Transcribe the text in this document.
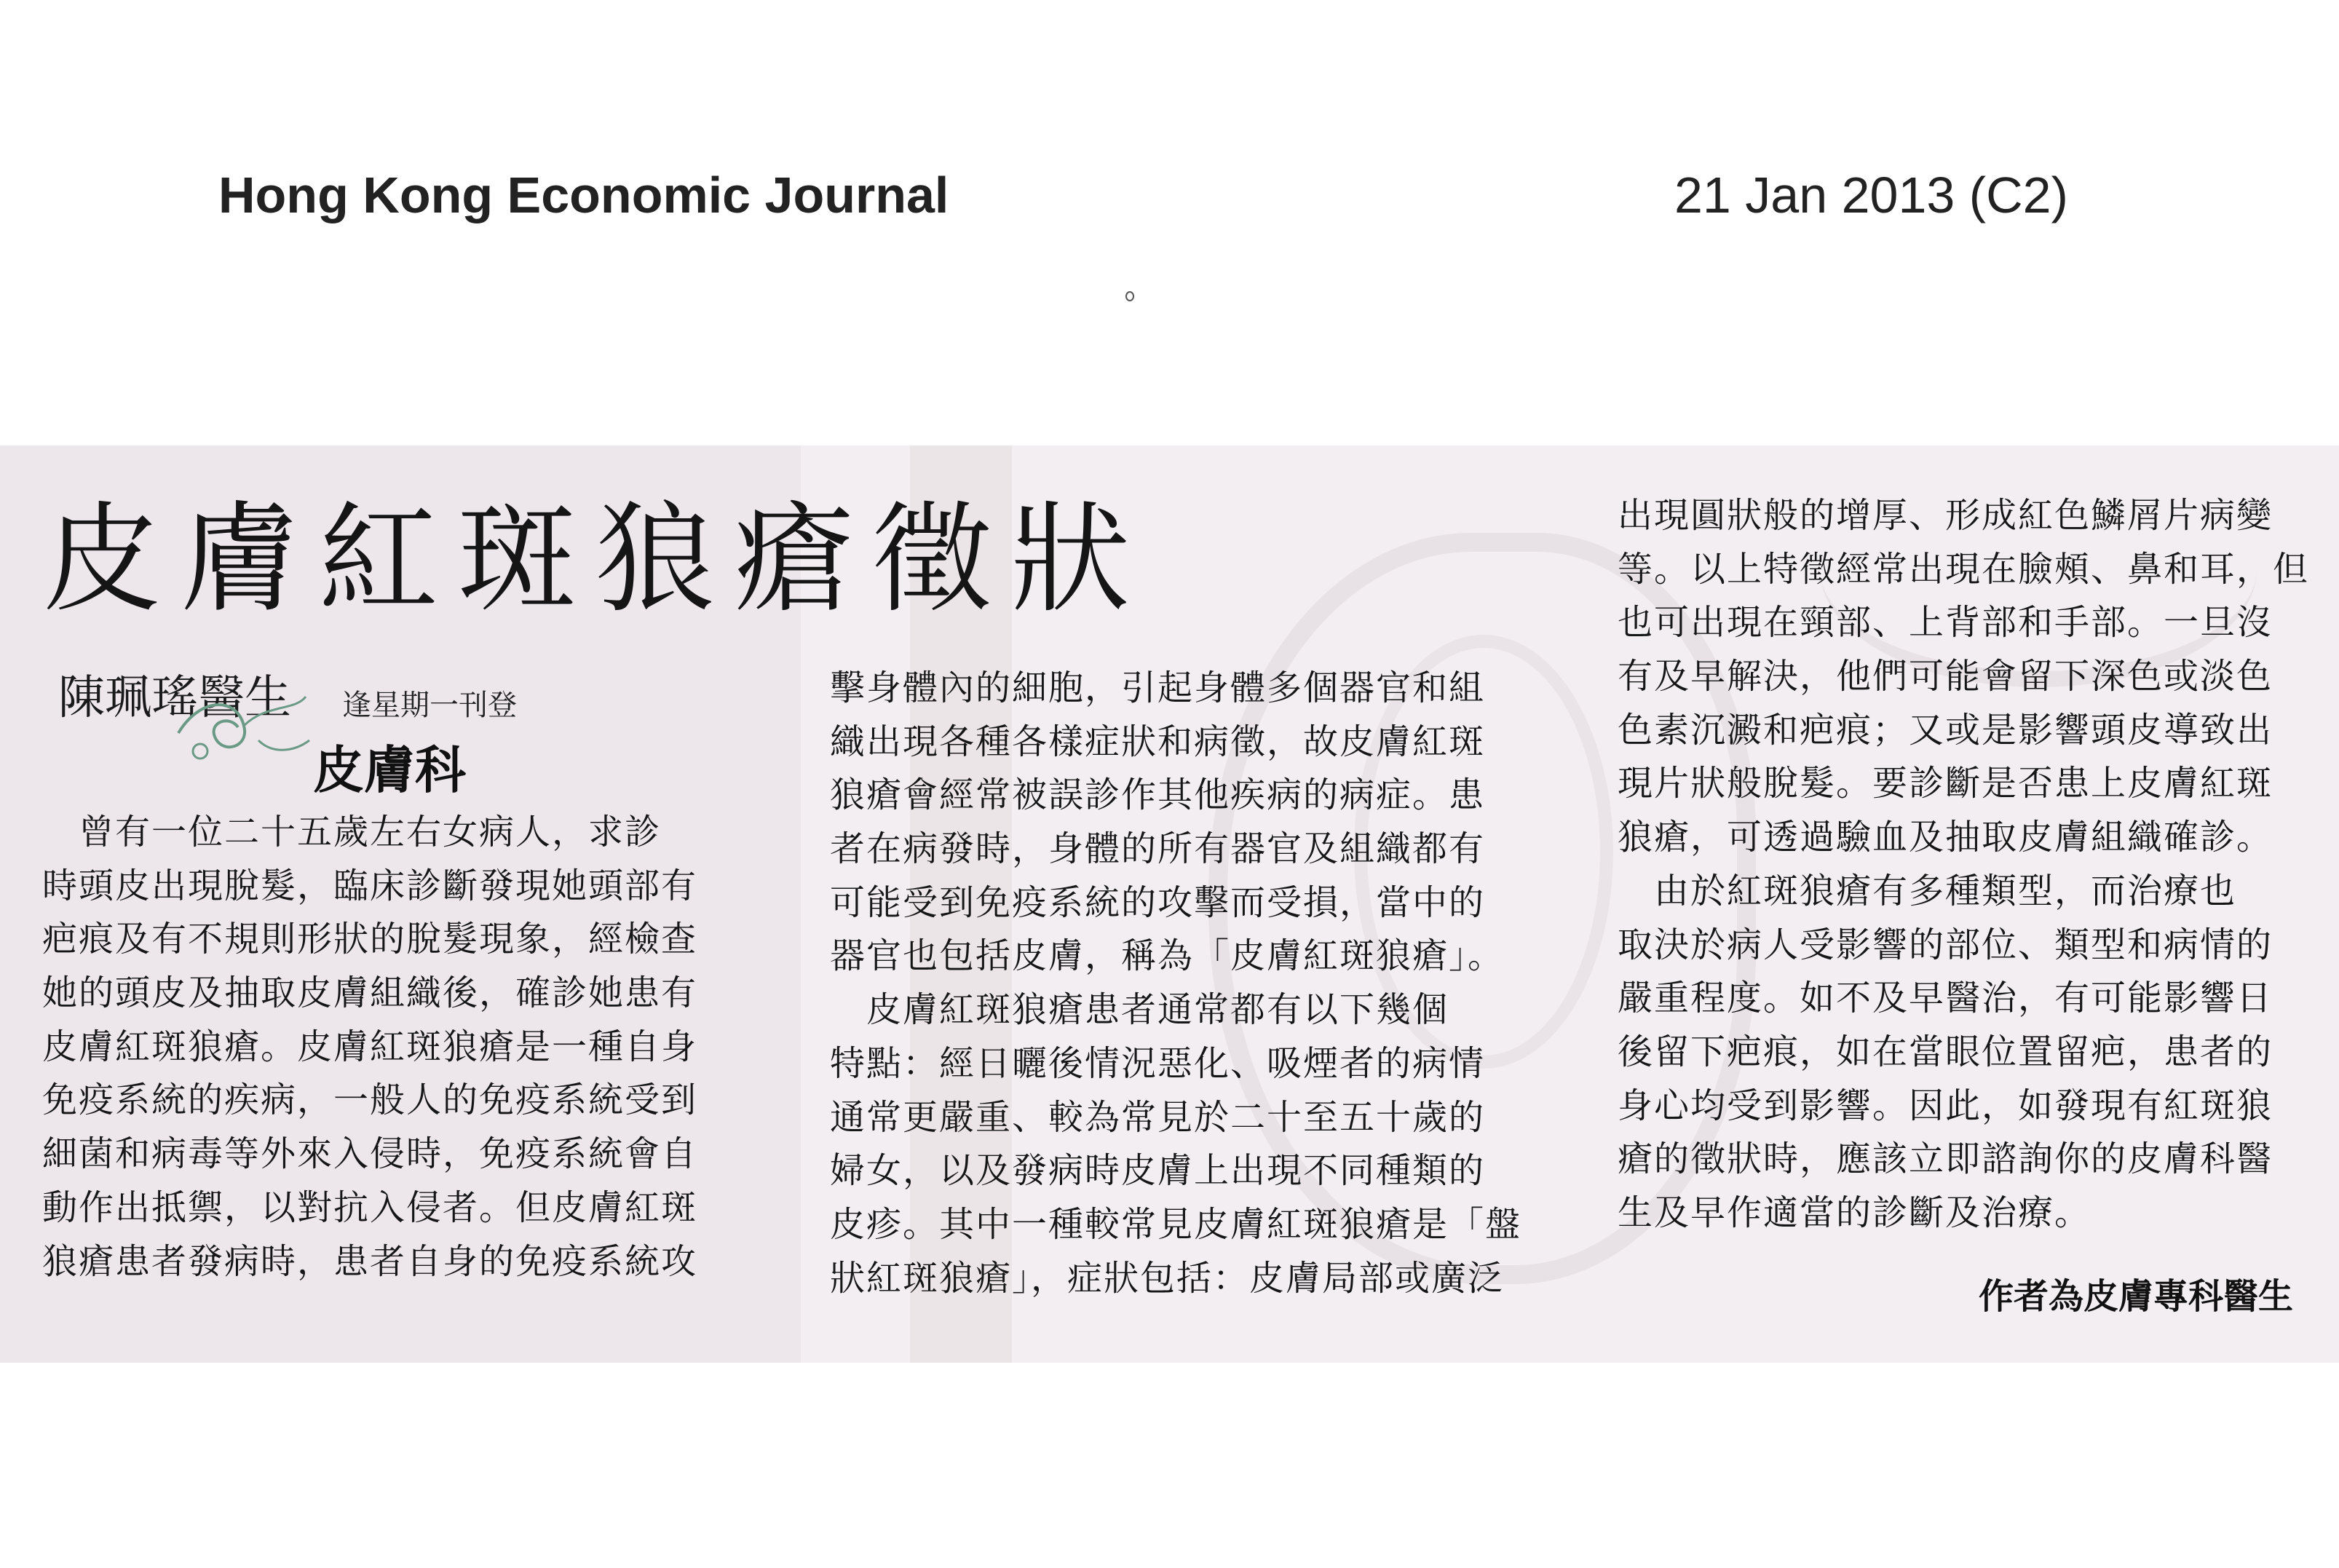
Hong Kong Economic Journal	21 Jan 2013 (C2)
皮膚紅斑狼瘡徵狀
陳珮瑤醫生 逢星期一刊登
皮膚科
　曾有一位二十五歲左右女病人，求診
時頭皮出現脫髮，臨床診斷發現她頭部有
疤痕及有不規則形狀的脫髮現象，經檢查
她的頭皮及抽取皮膚組織後，確診她患有
皮膚紅斑狼瘡。皮膚紅斑狼瘡是一種自身
免疫系統的疾病，一般人的免疫系統受到
細菌和病毒等外來入侵時，免疫系統會自
動作出抵禦，以對抗入侵者。但皮膚紅斑
狼瘡患者發病時，患者自身的免疫系統攻
擊身體內的細胞，引起身體多個器官和組
織出現各種各樣症狀和病徵，故皮膚紅斑
狼瘡會經常被誤診作其他疾病的病症。患
者在病發時，身體的所有器官及組織都有
可能受到免疫系統的攻擊而受損，當中的
器官也包括皮膚，稱為「皮膚紅斑狼瘡」。
　皮膚紅斑狼瘡患者通常都有以下幾個
特點：經日曬後情況惡化、吸煙者的病情
通常更嚴重、較為常見於二十至五十歲的
婦女，以及發病時皮膚上出現不同種類的
皮疹。其中一種較常見皮膚紅斑狼瘡是「盤
狀紅斑狼瘡」，症狀包括：皮膚局部或廣泛
出現圓狀般的增厚、形成紅色鱗屑片病變
等。以上特徵經常出現在臉頰、鼻和耳，但
也可出現在頸部、上背部和手部。一旦沒
有及早解決，他們可能會留下深色或淡色
色素沉澱和疤痕；又或是影響頭皮導致出
現片狀般脫髮。要診斷是否患上皮膚紅斑
狼瘡，可透過驗血及抽取皮膚組織確診。
　由於紅斑狼瘡有多種類型，而治療也
取決於病人受影響的部位、類型和病情的
嚴重程度。如不及早醫治，有可能影響日
後留下疤痕，如在當眼位置留疤，患者的
身心均受到影響。因此，如發現有紅斑狼
瘡的徵狀時，應該立即諮詢你的皮膚科醫
生及早作適當的診斷及治療。
作者為皮膚專科醫生
